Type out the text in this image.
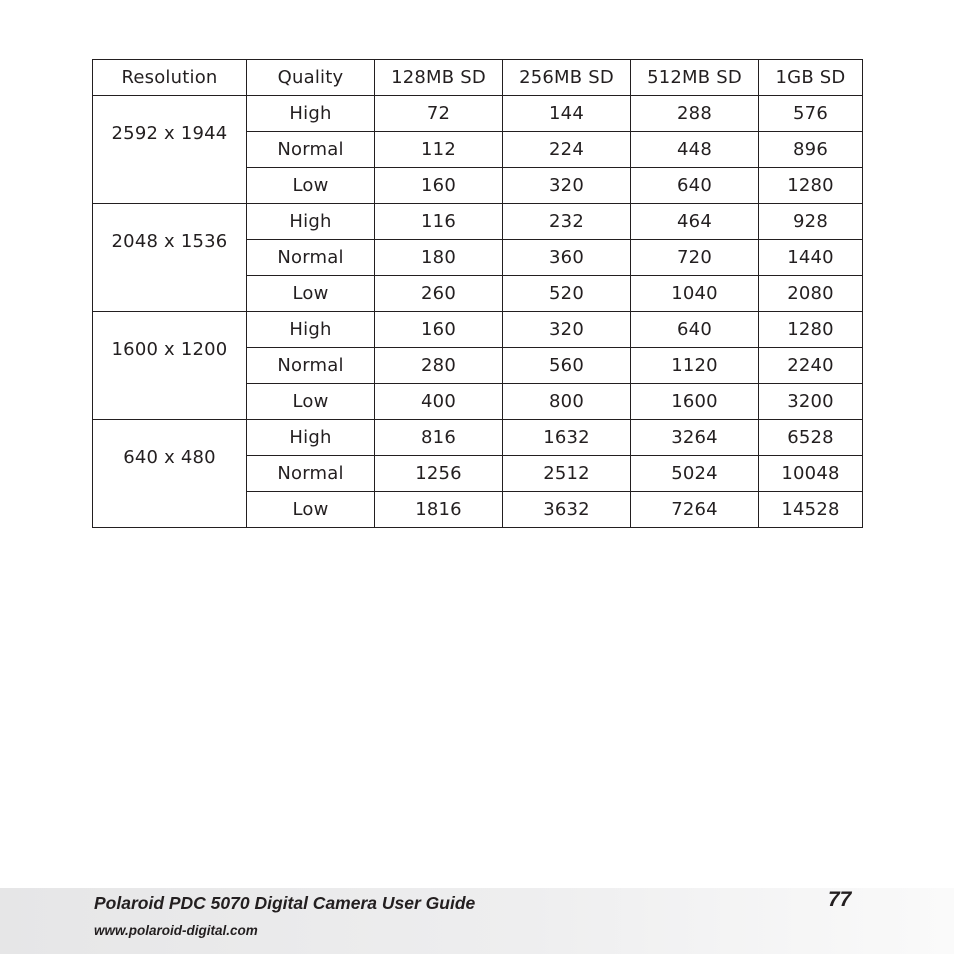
Resolution	Quality	128MB SD	256MB SD	512MB SD	1GB SD
2592 x 1944	High	72	144	288	576
	Normal	112	224	448	896
	Low	160	320	640	1280
2048 x 1536	High	116	232	464	928
	Normal	180	360	720	1440
	Low	260	520	1040	2080
1600 x 1200	High	160	320	640	1280
	Normal	280	560	1120	2240
	Low	400	800	1600	3200
640 x 480	High	816	1632	3264	6528
	Normal	1256	2512	5024	10048
	Low	1816	3632	7264	14528
Polaroid PDC 5070 Digital Camera User Guide
www.polaroid-digital.com
77
